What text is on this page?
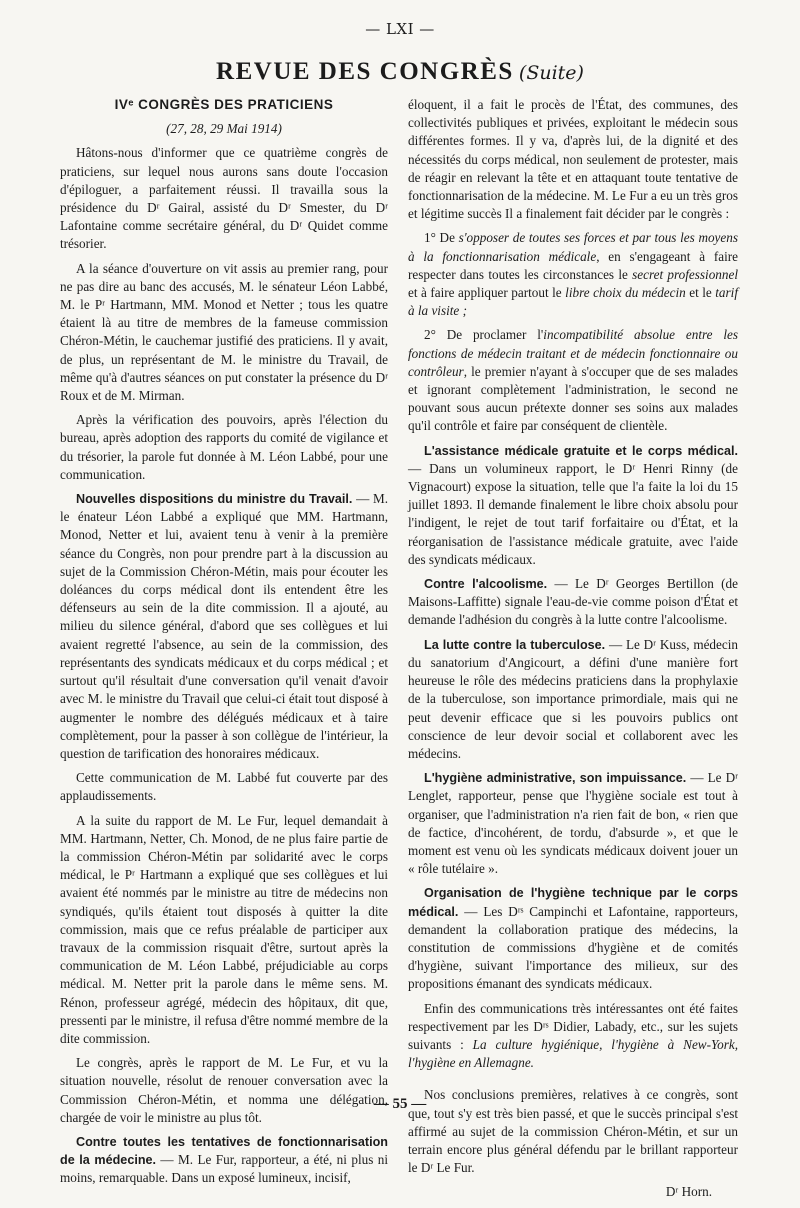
— LXI —
REVUE DES CONGRÈS (Suite)

IVᵉ CONGRÈS DES PRATICIENS

(27, 28, 29 Mai 1914)

Hâtons-nous d'informer que ce quatrième congrès de praticiens, sur lequel nous aurons sans doute l'occasion d'épiloguer, a parfaitement réussi. Il travailla sous la présidence du Dʳ Gairal, assisté du Dʳ Smester, du Dʳ Lafontaine comme secrétaire général, du Dʳ Quidet comme trésorier.

A la séance d'ouverture on vit assis au premier rang, pour ne pas dire au banc des accusés, M. le sénateur Léon Labbé, M. le Pʳ Hartmann, MM. Monod et Netter ; tous les quatre étaient là au titre de membres de la fameuse commission Chéron-Métin, le cauchemar justifié des praticiens. Il y avait, de plus, un représentant de M. le ministre du Travail, de même qu'à d'autres séances on put constater la présence du Dʳ Roux et de M. Mirman.

Après la vérification des pouvoirs, après l'élection du bureau, après adoption des rapports du comité de vigilance et du trésorier, la parole fut donnée à M. Léon Labbé, pour une communication.

Nouvelles dispositions du ministre du Travail. — M. le énateur Léon Labbé a expliqué que MM. Hartmann, Monod, Netter et lui, avaient tenu à venir à la première séance du Congrès, non pour prendre part à la discussion au sujet de la Commission Chéron-Métin, mais pour écouter les doléances du corps médical dont ils entendent être les défenseurs au sein de la dite commission. Il a ajouté, au milieu du silence général, d'abord que ses collègues et lui avaient regretté l'absence, au sein de la commission, des représentants des syndicats médicaux et du corps médical ; et surtout qu'il résultait d'une conversation qu'il venait d'avoir avec M. le ministre du Travail que celui-ci était tout disposé à augmenter le nombre des délégués médicaux et à taire complètement, pour la passer à son collègue de l'intérieur, la question de tarification des honoraires médicaux.

Cette communication de M. Labbé fut couverte par des applaudissements.

A la suite du rapport de M. Le Fur, lequel demandait à MM. Hartmann, Netter, Ch. Monod, de ne plus faire partie de la commission Chéron-Métin par solidarité avec le corps médical, le Pʳ Hartmann a expliqué que ses collègues et lui avaient été nommés par le ministre au titre de médecins non syndiqués, qu'ils étaient tout disposés à quitter la dite commission, mais que ce refus préalable de participer aux travaux de la commission risquait d'être, surtout après la communication de M. Léon Labbé, préjudiciable au corps médical. M. Netter prit la parole dans le même sens. M. Rénon, professeur agrégé, médecin des hôpitaux, dit que, pressenti par le ministre, il refusa d'être nommé membre de la dite commission.

Le congrès, après le rapport de M. Le Fur, et vu la situation nouvelle, résolut de renouer conversation avec la Commission Chéron-Métin, et nomma une délégation, chargée de voir le ministre au plus tôt.

Contre toutes les tentatives de fonctionnarisation de la médecine. — M. Le Fur, rapporteur, a été, ni plus ni moins, remarquable. Dans un exposé lumineux, incisif,

éloquent, il a fait le procès de l'État, des communes, des collectivités publiques et privées, exploitant le médecin sous différentes formes. Il y va, d'après lui, de la dignité et des nécessités du corps médical, non seulement de protester, mais de réagir en relevant la tête et en attaquant toute tentative de fonctionnarisation de la médecine. M. Le Fur a eu un très gros et légitime succès Il a finalement fait décider par le congrès :

1° De s'opposer de toutes ses forces et par tous les moyens à la fonctionnarisation médicale, en s'engageant à faire respecter dans toutes les circonstances le secret professionnel et à faire appliquer partout le libre choix du médecin et le tarif à la visite ;

2° De proclamer l'incompatibilité absolue entre les fonctions de médecin traitant et de médecin fonctionnaire ou contrôleur, le premier n'ayant à s'occuper que de ses malades et ignorant complètement l'administration, le second ne pouvant sous aucun prétexte donner ses soins aux malades qu'il contrôle et faire par conséquent de clientèle.

L'assistance médicale gratuite et le corps médical. — Dans un volumineux rapport, le Dʳ Henri Rinny (de Vignacourt) expose la situation, telle que l'a faite la loi du 15 juillet 1893. Il demande finalement le libre choix absolu pour l'indigent, le rejet de tout tarif forfaitaire ou d'État, et la réorganisation de l'assistance médicale gratuite, avec l'aide des syndicats médicaux.

Contre l'alcoolisme. — Le Dʳ Georges Bertillon (de Maisons-Laffitte) signale l'eau-de-vie comme poison d'État et demande l'adhésion du congrès à la lutte contre l'alcoolisme.

La lutte contre la tuberculose. — Le Dʳ Kuss, médecin du sanatorium d'Angicourt, a défini d'une manière fort heureuse le rôle des médecins praticiens dans la prophylaxie de la tuberculose, son importance primordiale, mais qui ne peut devenir efficace que si les pouvoirs publics ont conscience de leur devoir social et collaborent avec les médecins.

L'hygiène administrative, son impuissance. — Le Dʳ Lenglet, rapporteur, pense que l'hygiène sociale est tout à organiser, que l'administration n'a rien fait de bon, « rien que de factice, d'incohérent, de tordu, d'absurde », et que le moment est venu où les syndicats médicaux doivent jouer un « rôle tutélaire ».

Organisation de l'hygiène technique par le corps médical. — Les Dʳˢ Campinchi et Lafontaine, rapporteurs, demandent la collaboration pratique des médecins, la constitution de commissions d'hygiène et de comités d'hygiène, suivant l'importance des milieux, sur des propositions émanant des syndicats médicaux.

Enfin des communications très intéressantes ont été faites respectivement par les Dʳˢ Didier, Labady, etc., sur les sujets suivants : La culture hygiénique, l'hygiène à New-York, l'hygiène en Allemagne.

Nos conclusions premières, relatives à ce congrès, sont que, tout s'y est très bien passé, et que le succès principal s'est affirmé au sujet de la commission Chéron-Métin, et sur un terrain encore plus général défendu par le brillant rapporteur le Dʳ Le Fur.

Dʳ Horn.

— 55 —
